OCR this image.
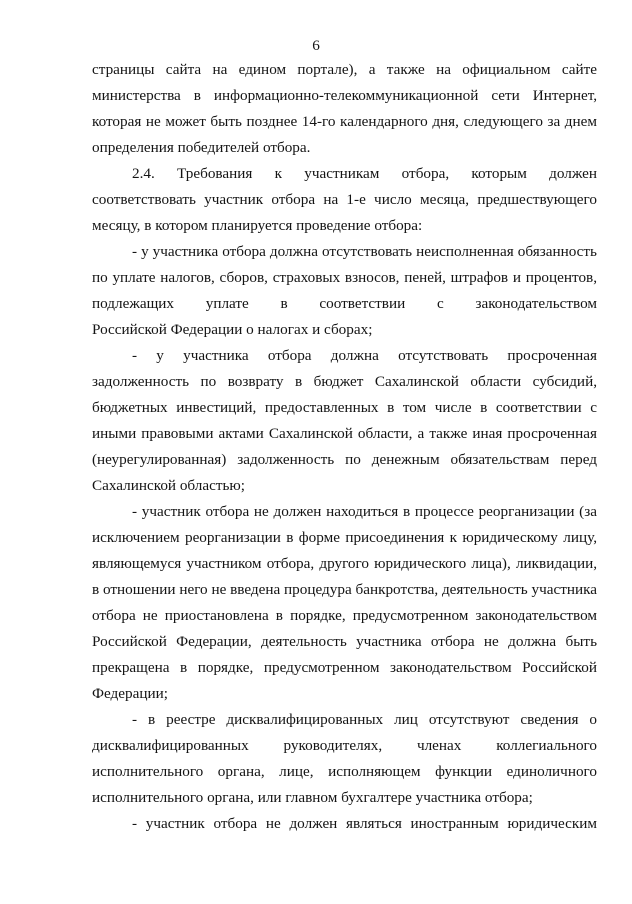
6
страницы сайта на едином портале), а также на официальном сайте
министерства в информационно-телекоммуникационной сети Интернет,
которая не может быть позднее 14-го календарного дня, следующего за днем
определения победителей отбора.
2.4. Требования к участникам отбора, которым должен
соответствовать участник отбора на 1-е число месяца, предшествующего
месяцу, в котором планируется проведение отбора:
- у участника отбора должна отсутствовать неисполненная обязанность
по уплате налогов, сборов, страховых взносов, пеней, штрафов и процентов,
подлежащих уплате в соответствии с законодательством
Российской Федерации о налогах и сборах;
- у участника отбора должна отсутствовать просроченная
задолженность по возврату в бюджет Сахалинской области субсидий,
бюджетных инвестиций, предоставленных в том числе в соответствии с
иными правовыми актами Сахалинской области, а также иная просроченная
(неурегулированная) задолженность по денежным обязательствам перед
Сахалинской областью;
- участник отбора не должен находиться в процессе реорганизации (за
исключением реорганизации в форме присоединения к юридическому лицу,
являющемуся участником отбора, другого юридического лица), ликвидации,
в отношении него не введена процедура банкротства, деятельность участника
отбора не приостановлена в порядке, предусмотренном законодательством
Российской Федерации, деятельность участника отбора не должна быть
прекращена в порядке, предусмотренном законодательством Российской
Федерации;
- в реестре дисквалифицированных лиц отсутствуют сведения о
дисквалифицированных руководителях, членах коллегиального
исполнительного органа, лице, исполняющем функции единоличного
исполнительного органа, или главном бухгалтере участника отбора;
- участник отбора не должен являться иностранным юридическим
